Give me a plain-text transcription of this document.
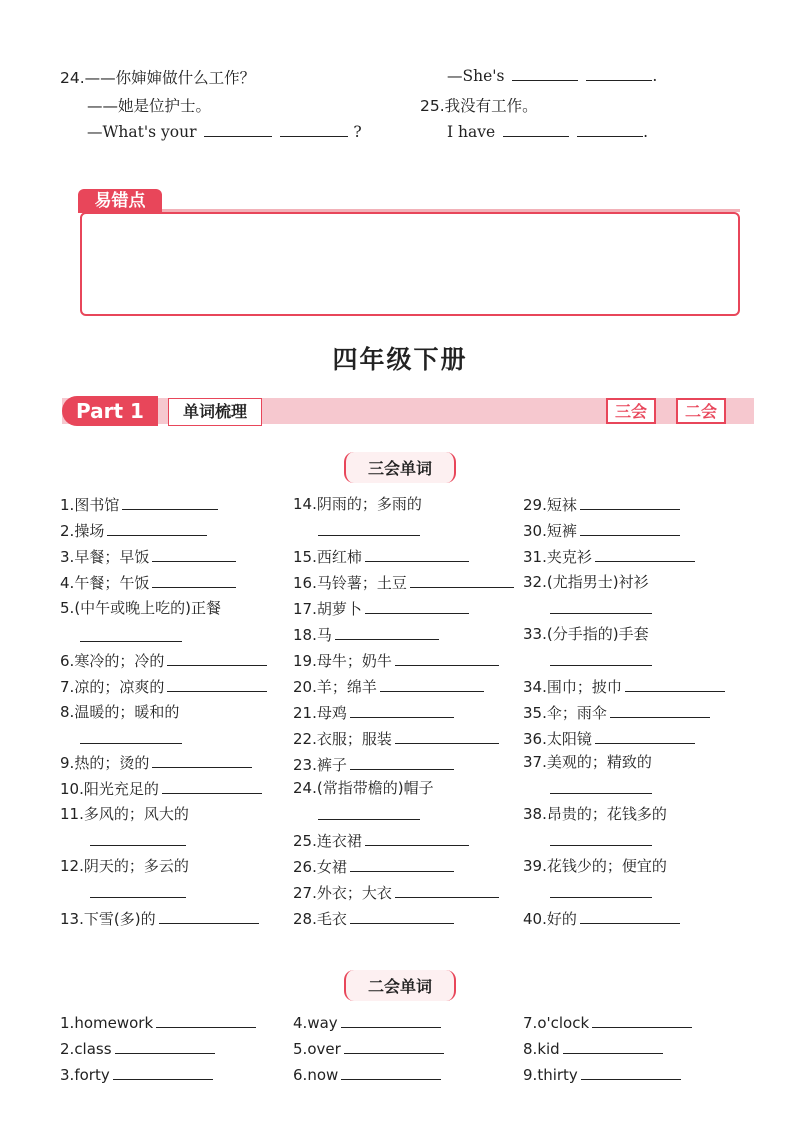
24.——你婶婶做什么工作？
——她是位护士。
—What's your	?
—She's	.
25.我没有工作。
I have	.
易错点
四年级下册
Part 1	单词梳理	三会	二会
三会单词
1.图书馆
2.操场
3.早餐；早饭
4.午餐；午饭
5.(中午或晚上吃的)正餐
6.寒冷的；冷的
7.凉的；凉爽的
8.温暖的；暖和的
9.热的；烫的
10.阳光充足的
11.多风的；风大的
12.阴天的；多云的
13.下雪(多)的
14.阴雨的；多雨的
15.西红柿
16.马铃薯；土豆
17.胡萝卜
18.马
19.母牛；奶牛
20.羊；绵羊
21.母鸡
22.衣服；服装
23.裤子
24.(常指带檐的)帽子
25.连衣裙
26.女裙
27.外衣；大衣
28.毛衣
29.短袜
30.短裤
31.夹克衫
32.(尤指男士)衬衫
33.(分手指的)手套
34.围巾；披巾
35.伞；雨伞
36.太阳镜
37.美观的；精致的
38.昂贵的；花钱多的
39.花钱少的；便宜的
40.好的
二会单词
1.homework
2.class
3.forty
4.way
5.over
6.now
7.o'clock
8.kid
9.thirty
